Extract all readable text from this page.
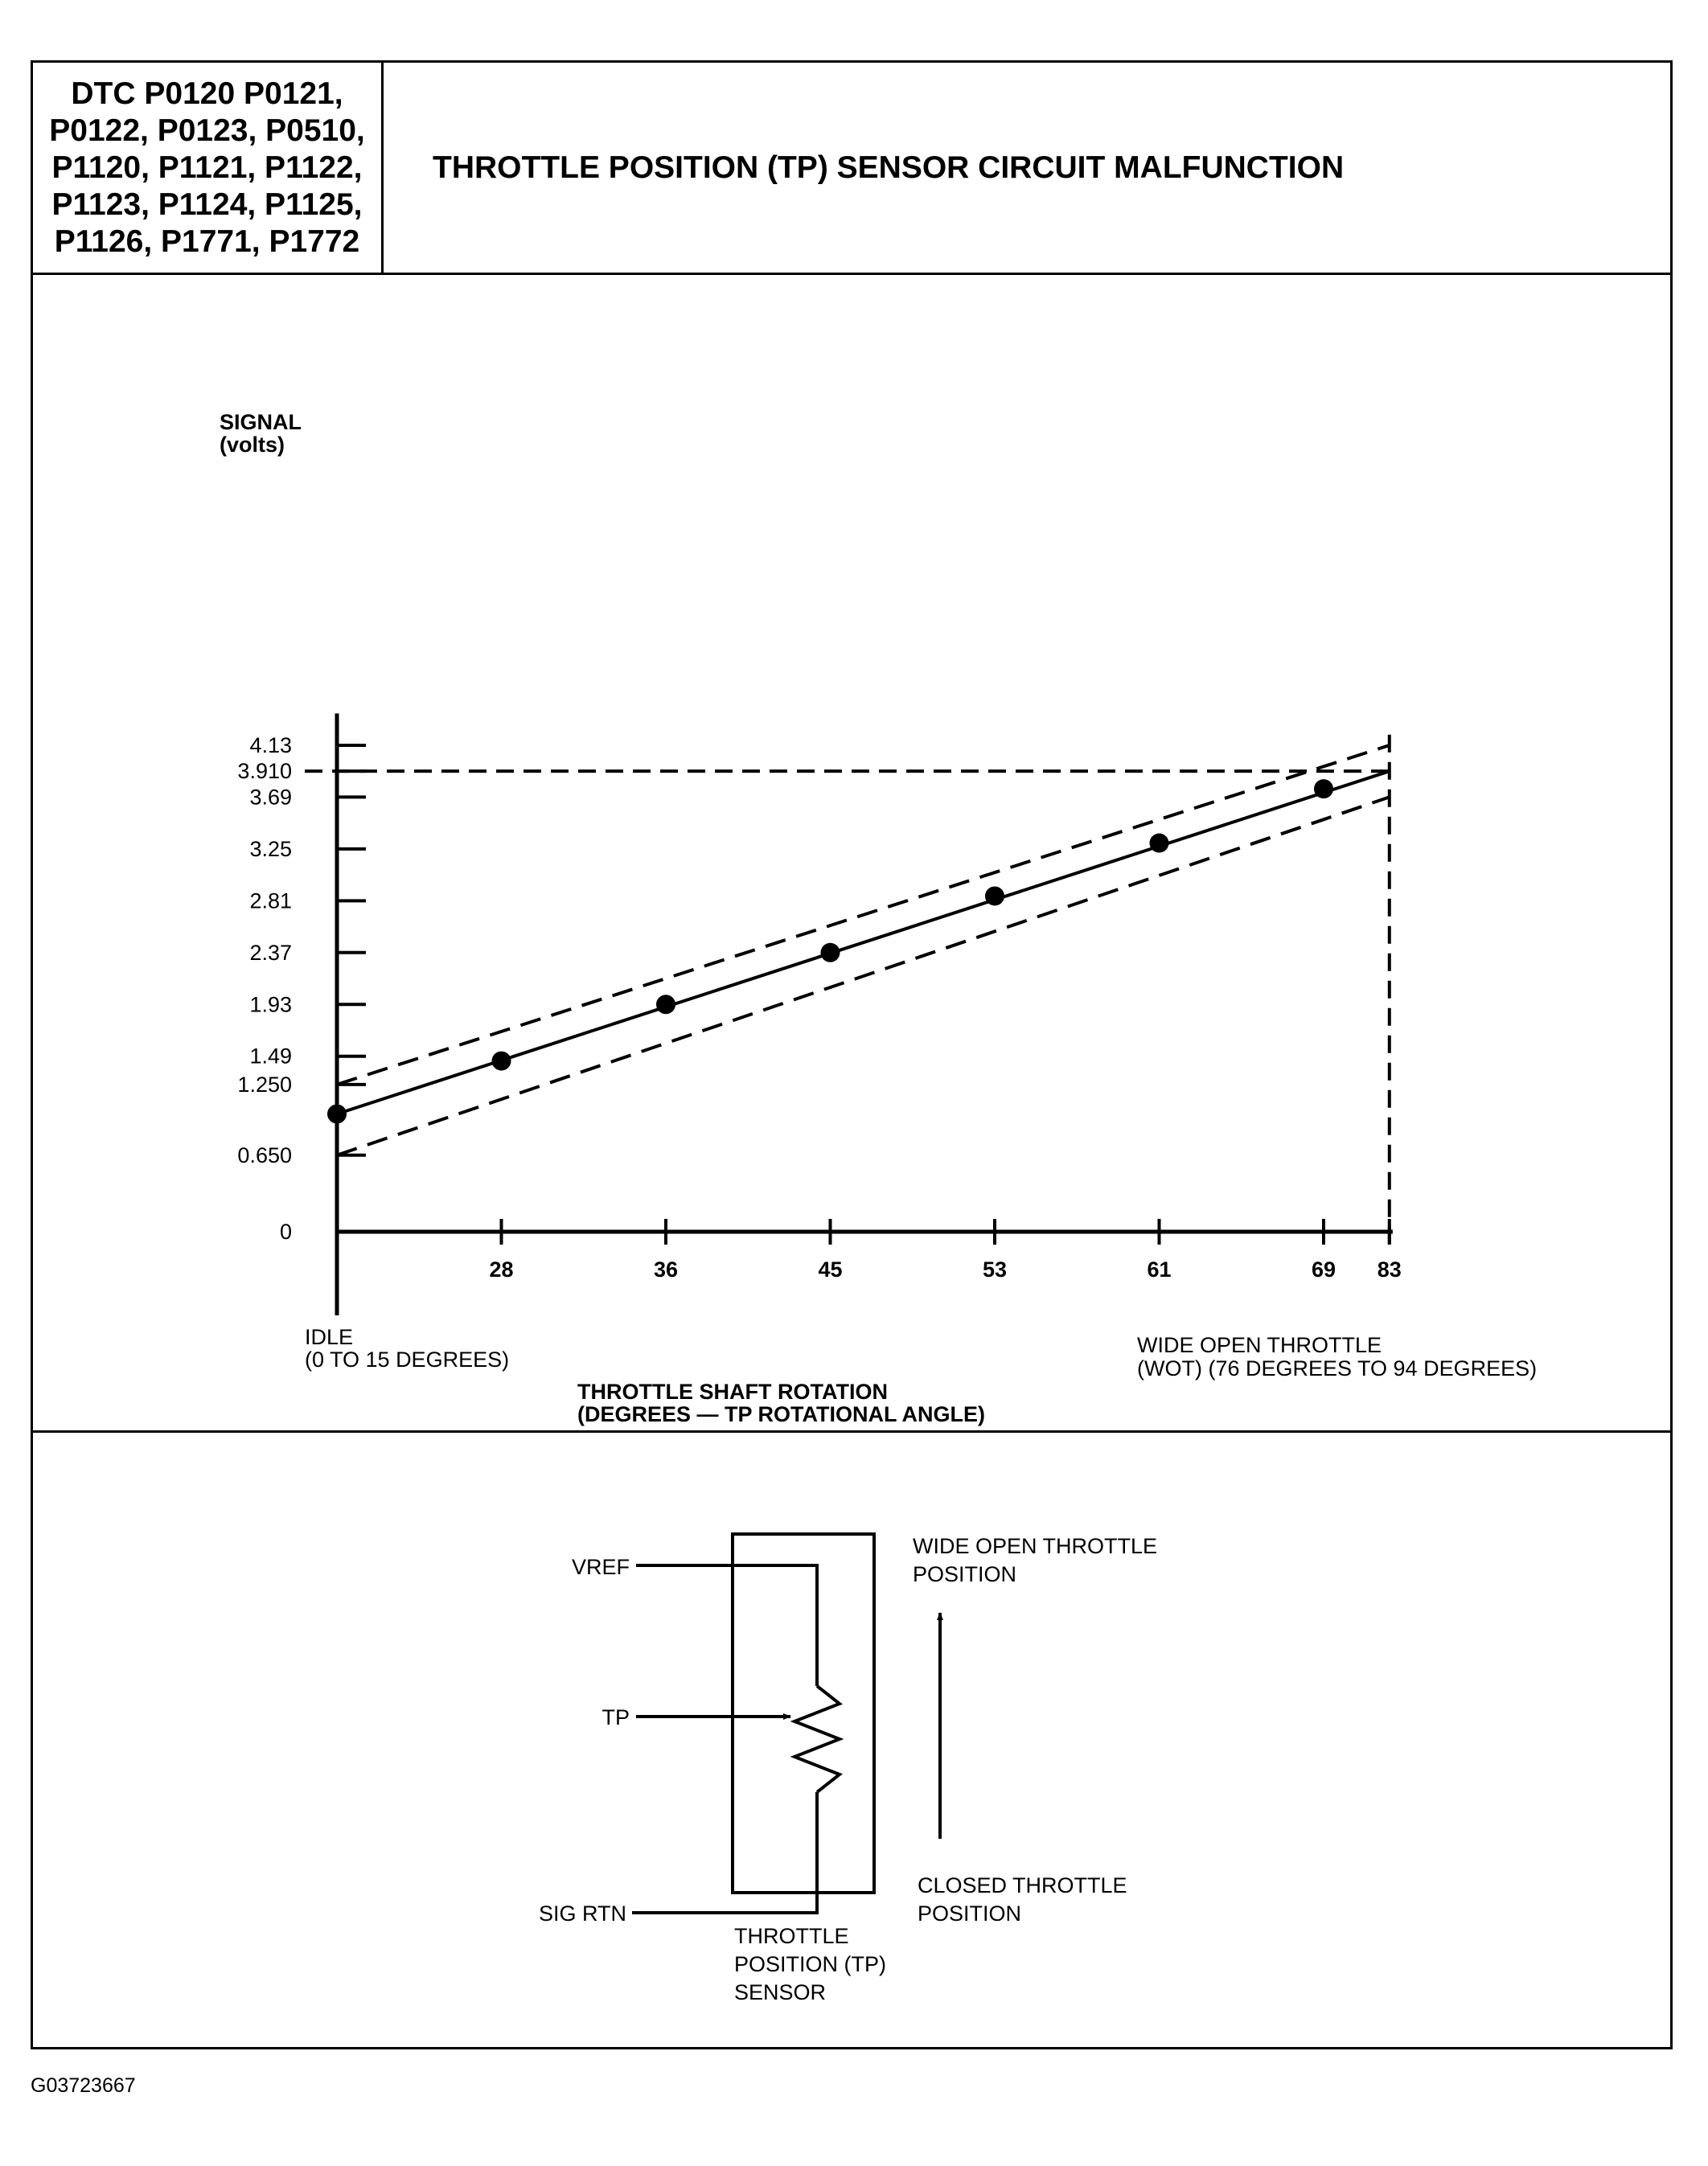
DTC P0120 P0121,
P0122, P0123, P0510,
P1120, P1121, P1122,
P1123, P1124, P1125,
P1126, P1771, P1772
THROTTLE POSITION (TP) SENSOR CIRCUIT MALFUNCTION
SIGNAL
(volts)
4.13
3.910
3.69
3.25
2.81
2.37
1.93
1.49
1.250
0.650
0
28	36	45	53	61	69 83
IDLE
(0 TO 15 DEGREES)
WIDE OPEN THROTTLE
(WOT) (76 DEGREES TO 94 DEGREES)
THROTTLE SHAFT ROTATION
(DEGREES — TP ROTATIONAL ANGLE)
VREF
TP
SIG RTN
THROTTLE
POSITION (TP)
SENSOR
WIDE OPEN THROTTLE
POSITION
CLOSED THROTTLE
POSITION
G03723667
